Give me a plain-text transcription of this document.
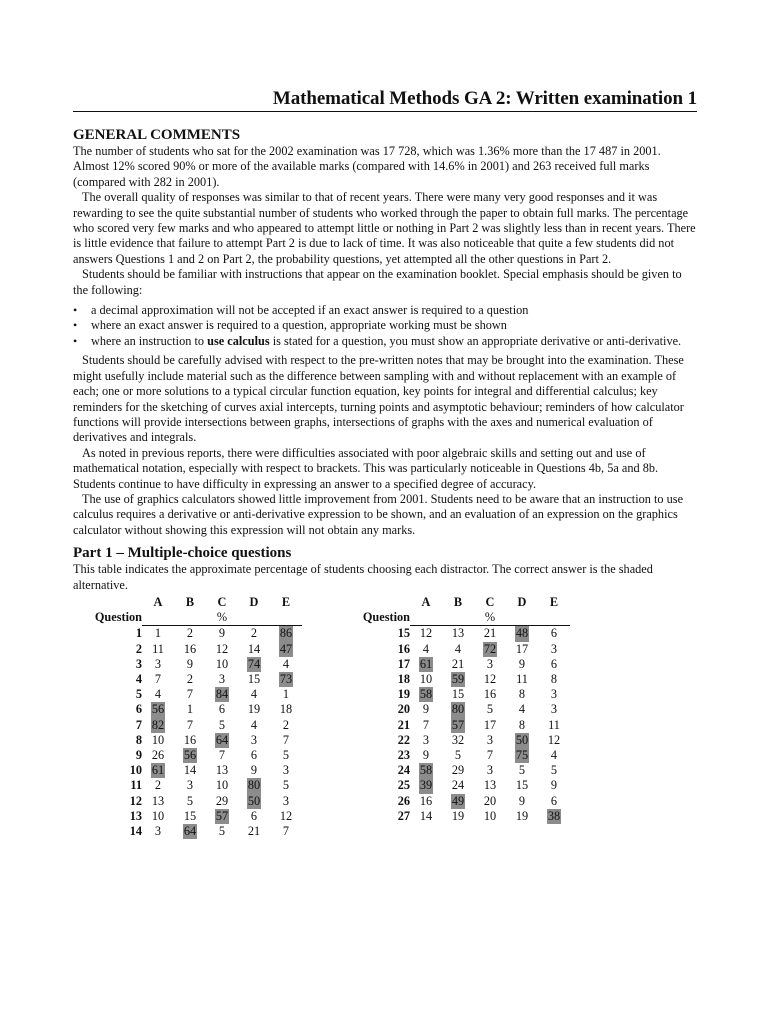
Mathematical Methods GA 2: Written examination 1
GENERAL COMMENTS

The number of students who sat for the 2002 examination was 17 728, which was 1.36% more than the 17 487 in 2001. Almost 12% scored 90% or more of the available marks (compared with 14.6% in 2001) and 263 received full marks (compared with 282 in 2001).

The overall quality of responses was similar to that of recent years. There were many very good responses and it was rewarding to see the quite substantial number of students who worked through the paper to obtain full marks. The percentage who scored very few marks and who appeared to attempt little or nothing in Part 2 was slightly less than in recent years. There is little evidence that failure to attempt Part 2 is due to lack of time. It was also noticeable that quite a few students did not answers Questions 1 and 2 on Part 2, the probability questions, yet attempted all the other questions in Part 2.

Students should be familiar with instructions that appear on the examination booklet. Special emphasis should be given to the following:

• a decimal approximation will not be accepted if an exact answer is required to a question
• where an exact answer is required to a question, appropriate working must be shown
• where an instruction to use calculus is stated for a question, you must show an appropriate derivative or anti-derivative.

Students should be carefully advised with respect to the pre-written notes that may be brought into the examination. These might usefully include material such as the difference between sampling with and without replacement with an example of each; one or more solutions to a typical circular function equation, key points for integral and differential calculus; key reminders for the sketching of curves axial intercepts, turning points and asymptotic behaviour; reminders of how calculator functions will provide intersections between graphs, intersections of graphs with the axes and numerical evaluation of derivatives and integrals.

As noted in previous reports, there were difficulties associated with poor algebraic skills and setting out and use of mathematical notation, especially with respect to brackets. This was particularly noticeable in Questions 4b, 5a and 8b. Students continue to have difficulty in expressing an answer to a specified degree of accuracy.

The use of graphics calculators showed little improvement from 2001. Students need to be aware that an instruction to use calculus requires a derivative or anti-derivative expression to be shown, and an evaluation of an expression on the graphics calculator without showing this expression will not obtain any marks.

Part 1 – Multiple-choice questions

This table indicates the approximate percentage of students choosing each distractor. The correct answer is the shaded alternative.

	A	B	C	D	E
Question			%		
1	1	2	9	2	86
2	11	16	12	14	47
3	3	9	10	74	4
4	7	2	3	15	73
5	4	7	84	4	1
6	56	1	6	19	18
7	82	7	5	4	2
8	10	16	64	3	7
9	26	56	7	6	5
10	61	14	13	9	3
11	2	3	10	80	5
12	13	5	29	50	3
13	10	15	57	6	12
14	3	64	5	21	7
	A	B	C	D	E
Question			%		
15	12	13	21	48	6
16	4	4	72	17	3
17	61	21	3	9	6
18	10	59	12	11	8
19	58	15	16	8	3
20	9	80	5	4	3
21	7	57	17	8	11
22	3	32	3	50	12
23	9	5	7	75	4
24	58	29	3	5	5
25	39	24	13	15	9
26	16	49	20	9	6
27	14	19	10	19	38
